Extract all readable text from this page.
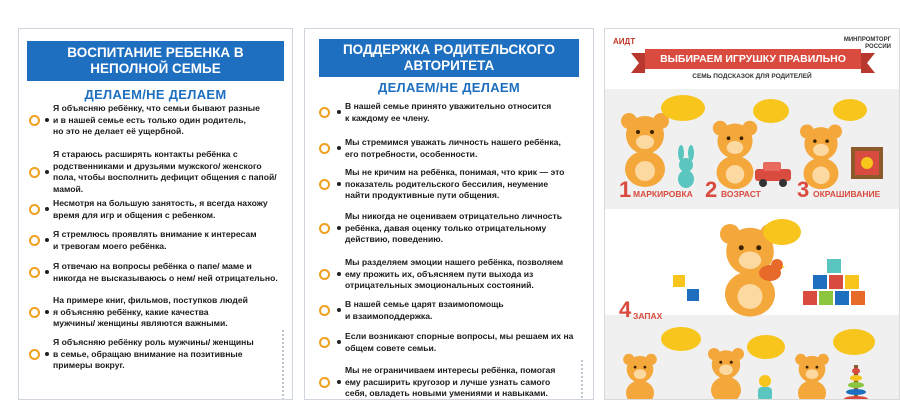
ВОСПИТАНИЕ РЕБЕНКА В НЕПОЛНОЙ СЕМЬЕ
ДЕЛАЕМ/НЕ ДЕЛАЕМ
Я объясняю ребёнку, что семьи бывают разные
и в нашей семье есть только один родитель,
но это не делает её ущербной.
Я стараюсь расширять контакты ребёнка с
родственниками и друзьями мужского/ женского
пола, чтобы восполнить дефицит общения с папой/
мамой.
Несмотря на большую занятость, я всегда нахожу
время для игр и общения с ребенком.
Я стремлюсь проявлять внимание к интересам
и тревогам моего ребёнка.
Я отвечаю на вопросы ребёнка о папе/ маме и
никогда не высказываюсь о нем/ ней отрицательно.
На примере книг, фильмов, поступков людей
я объясняю ребёнку, какие качества
мужчины/ женщины являются важными.
Я объясняю ребёнку роль мужчины/ женщины
в семье, обращаю внимание на позитивные
примеры вокруг.
ПОДДЕРЖКА РОДИТЕЛЬСКОГО АВТОРИТЕТА
ДЕЛАЕМ/НЕ ДЕЛАЕМ
В нашей семье принято уважительно относится
к каждому ее члену.
Мы стремимся уважать личность нашего ребёнка,
его потребности, особенности.
Мы не кричим на ребёнка, понимая, что крик — это
показатель родительского бессилия, неумение
найти продуктивные пути общения.
Мы никогда не оцениваем отрицательно личность
ребёнка, давая оценку только отрицательному
действию, поведению.
Мы разделяем эмоции нашего ребёнка, позволяем
ему прожить их, объясняем пути выхода из
отрицательных эмоциональных состояний.
В нашей семье царят взаимопомощь
и взаимоподдержка.
Если возникают спорные вопросы, мы решаем их на
общем совете семьи.
Мы не ограничиваем интересы ребёнка, помогая
ему расширить кругозор и лучше узнать самого
себя, овладеть новыми умениями и навыками.
АИДТ	МИНПРОМТОРГ
РОССИИ
ВЫБИРАЕМ ИГРУШКУ ПРАВИЛЬНО
СЕМЬ ПОДСКАЗОК ДЛЯ РОДИТЕЛЕЙ
1 МАРКИРОВКА 2 ВОЗРАСТ 3 ОКРАШИВАНИЕ
4 ЗАПАХ
